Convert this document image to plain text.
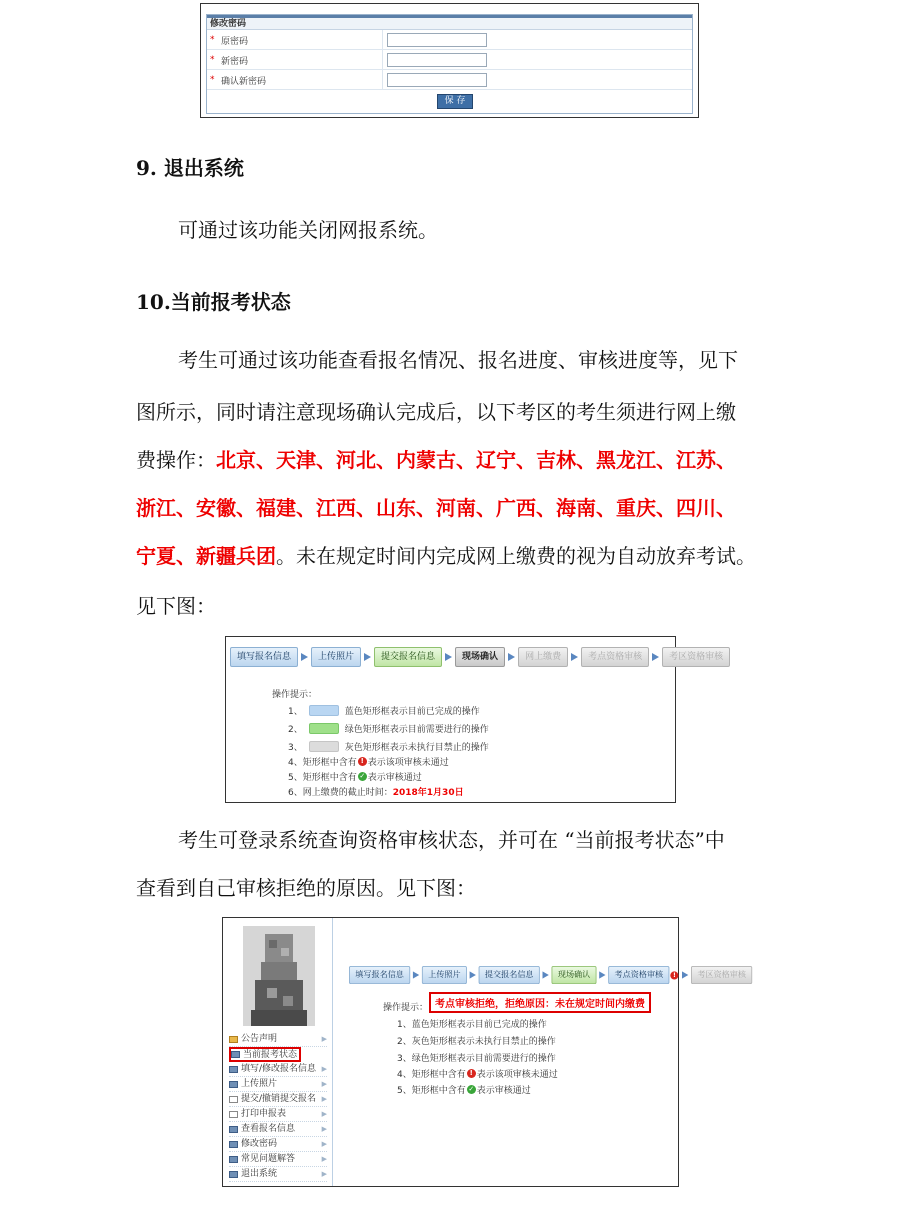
修改密码
* 原密码
* 新密码
* 确认新密码
保 存
9. 退出系统
可通过该功能关闭网报系统。
10.当前报考状态
考生可通过该功能查看报名情况、报名进度、审核进度等，见下
图所示，同时请注意现场确认完成后，以下考区的考生须进行网上缴
费操作：北京、天津、河北、内蒙古、辽宁、吉林、黑龙江、江苏、
浙江、安徽、福建、江西、山东、河南、广西、海南、重庆、四川、
宁夏、新疆兵团。未在规定时间内完成网上缴费的视为自动放弃考试。
见下图：
填写报名信息	上传照片	提交报名信息	现场确认	网上缴费	考点资格审核	考区资格审核
操作提示：
1、	蓝色矩形框表示目前已完成的操作
2、	绿色矩形框表示目前需要进行的操作
3、	灰色矩形框表示未执行目禁止的操作
4、 矩形框中含有 ! 表示该项审核未通过
5、 矩形框中含有 ✓ 表示审核通过
6、 网上缴费的截止时间： 2018年1月30日
考生可登录系统查询资格审核状态，并可在 “当前报考状态”中
查看到自己审核拒绝的原因。见下图：
公告声明	▶
当前报考状态
填写/修改报名信息 ▶
上传照片	▶
提交/撤销提交报名 ▶
打印申报表	▶
查看报名信息	▶
修改密码	▶
常见问题解答	▶
退出系统	▶
填写报名信息	上传照片	提交报名信息	现场确认	考点资格审核	!	考区资格审核
操作提示： 考点审核拒绝，拒绝原因：未在规定时间内缴费
1、 蓝色矩形框表示目前已完成的操作
2、 灰色矩形框表示未执行目禁止的操作
3、 绿色矩形框表示目前需要进行的操作
4、 矩形框中含有 ! 表示该项审核未通过
5、 矩形框中含有 ✓ 表示审核通过
